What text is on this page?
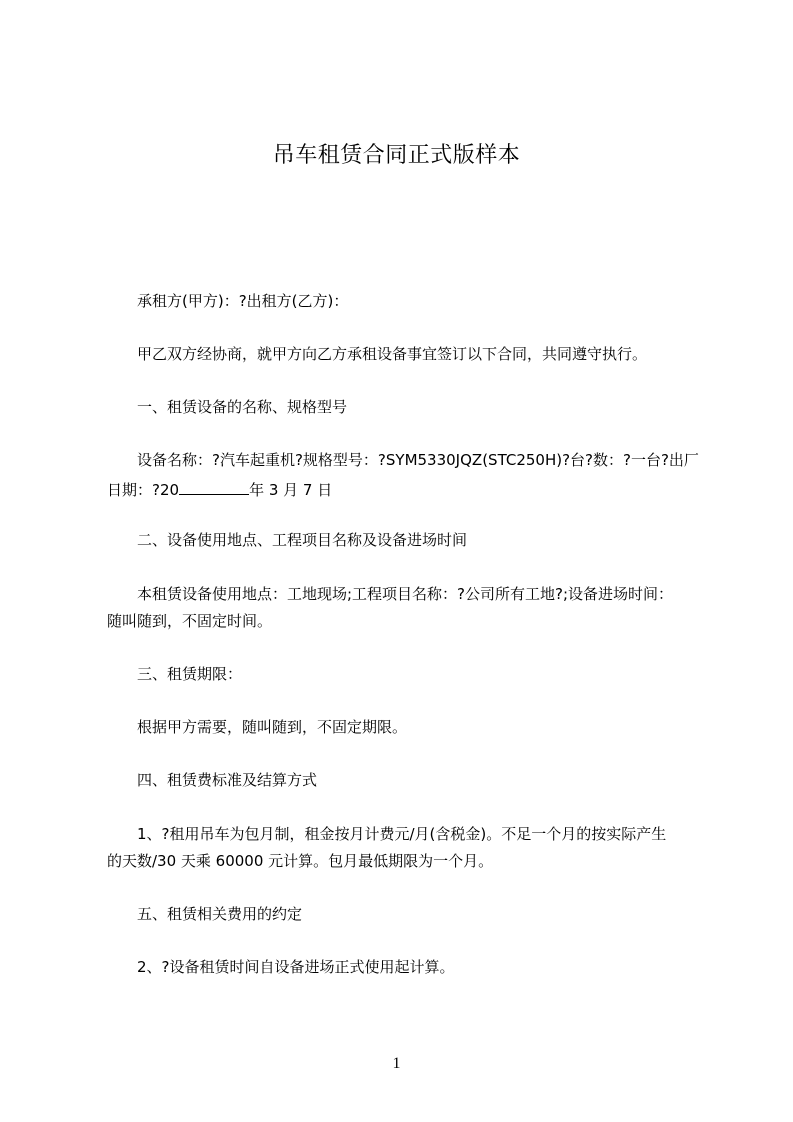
吊车租赁合同正式版样本
承租方(甲方)：?出租方(乙方)：
甲乙双方经协商，就甲方向乙方承租设备事宜签订以下合同，共同遵守执行。
一、租赁设备的名称、规格型号
设备名称：?汽车起重机?规格型号：?SYM5330JQZ(STC250H)?台?数：?一台?出厂
日期：?20	年 3 月 7 日
二、设备使用地点、工程项目名称及设备进场时间
本租赁设备使用地点：工地现场;工程项目名称：?公司所有工地?;设备进场时间：
随叫随到，不固定时间。
三、租赁期限：
根据甲方需要，随叫随到，不固定期限。
四、租赁费标准及结算方式
1、?租用吊车为包月制，租金按月计费元/月(含税金)。不足一个月的按实际产生
的天数/30 天乘 60000 元计算。包月最低期限为一个月。
五、租赁相关费用的约定
2、?设备租赁时间自设备进场正式使用起计算。
1
